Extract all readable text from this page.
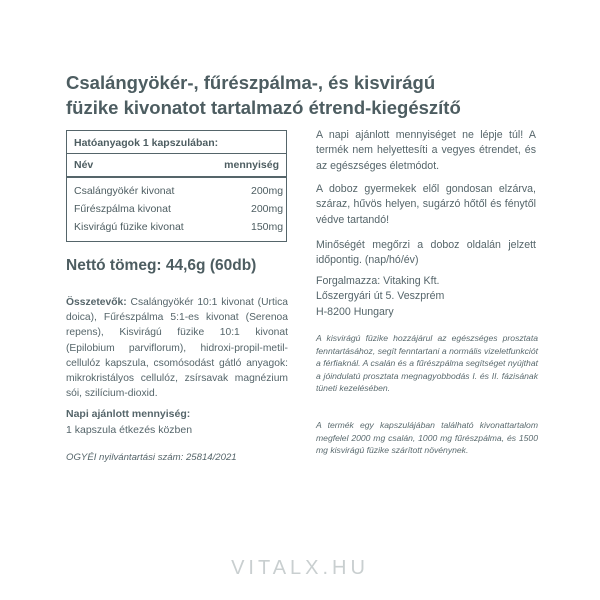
Csalángyökér-, fűrészpálma-, és kisvirágú
füzike kivonatot tartalmazó étrend-kiegészítő
Hatóanyagok 1 kapszulában:
Név	mennyiség
Csalángyökér kivonat	200mg
Fűrészpálma kivonat	200mg
Kisvirágú füzike kivonat	150mg
Nettó tömeg: 44,6g (60db)
Összetevők: Csalángyökér 10:1 kivonat (Urtica doica), Fűrészpálma 5:1-es kivonat (Serenoa repens), Kisvirágú füzike 10:1 kivonat (Epilobium parviflorum), hidroxi-propil-metil-cellulóz kapszula, csomósodást gátló anyagok: mikrokristályos cellulóz, zsírsavak magnézium sói, szilícium-dioxid.
Napi ajánlott mennyiség:
1 kapszula étkezés közben
OGYÉI nyilvántartási szám: 25814/2021
A napi ajánlott mennyiséget ne lépje túl! A termék nem helyettesíti a vegyes étrendet, és az egészséges életmódot.
A doboz gyermekek elől gondosan elzárva, száraz, hűvös helyen, sugárzó hőtől és fénytől védve tartandó!
Minőségét megőrzi a doboz oldalán jelzett időpontig. (nap/hó/év)
Forgalmazza: Vitaking Kft.
Lőszergyári út 5. Veszprém
H-8200 Hungary
A kisvirágú füzike hozzájárul az egészséges prosztata fenntartásához, segít fenntartani a normális vizeletfunkciót a férfiaknál. A csalán és a fűrészpálma segítséget nyújthat a jóindulatú prosztata megnagyobbodás I. és II. fázisának tüneti kezelésében.
A termék egy kapszulájában található kivonattartalom megfelel 2000 mg csalán, 1000 mg fűrészpálma, és 1500 mg kisvirágú füzike szárított növénynek.
VITALX.HU
